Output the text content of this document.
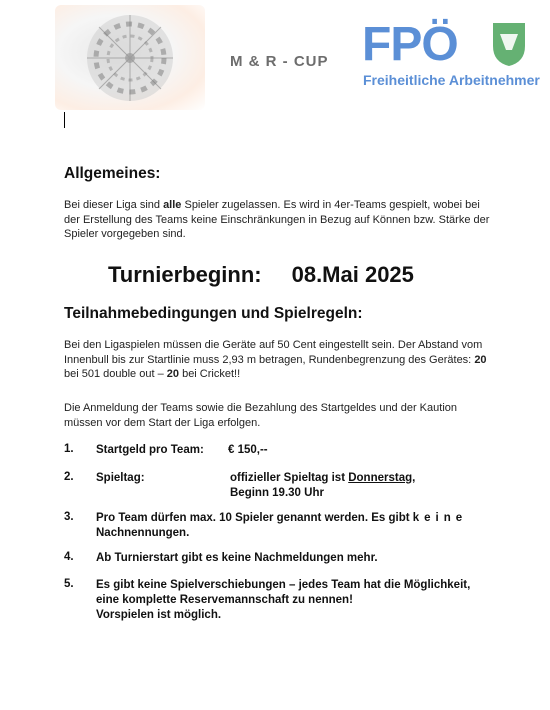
M & R - CUP FPÖ
Freiheitliche Arbeitnehmer
Allgemeines:
Bei dieser Liga sind alle Spieler zugelassen. Es wird in 4er-Teams gespielt, wobei bei der Erstellung des Teams keine Einschränkungen in Bezug auf Können bzw. Stärke der Spieler vorgegeben sind.
Turnierbeginn: 08.Mai 2025
Teilnahmebedingungen und Spielregeln:
Bei den Ligaspielen müssen die Geräte auf 50 Cent eingestellt sein. Der Abstand vom Innenbull bis zur Startlinie muss 2,93 m betragen, Rundenbegrenzung des Gerätes: 20 bei 501 double out – 20 bei Cricket!!
Die Anmeldung der Teams sowie die Bezahlung des Startgeldes und der Kaution müssen vor dem Start der Liga erfolgen.
1. Startgeld pro Team: € 150,--
2. Spieltag:	offizieller Spieltag ist Donnerstag,
Beginn 19.30 Uhr
3. Pro Team dürfen max. 10 Spieler genannt werden. Es gibt keine
Nachnennungen.
4. Ab Turnierstart gibt es keine Nachmeldungen mehr.
5. Es gibt keine Spielverschiebungen – jedes Team hat die Möglichkeit,
eine komplette Reservemannschaft zu nennen!
Vorspielen ist möglich.
